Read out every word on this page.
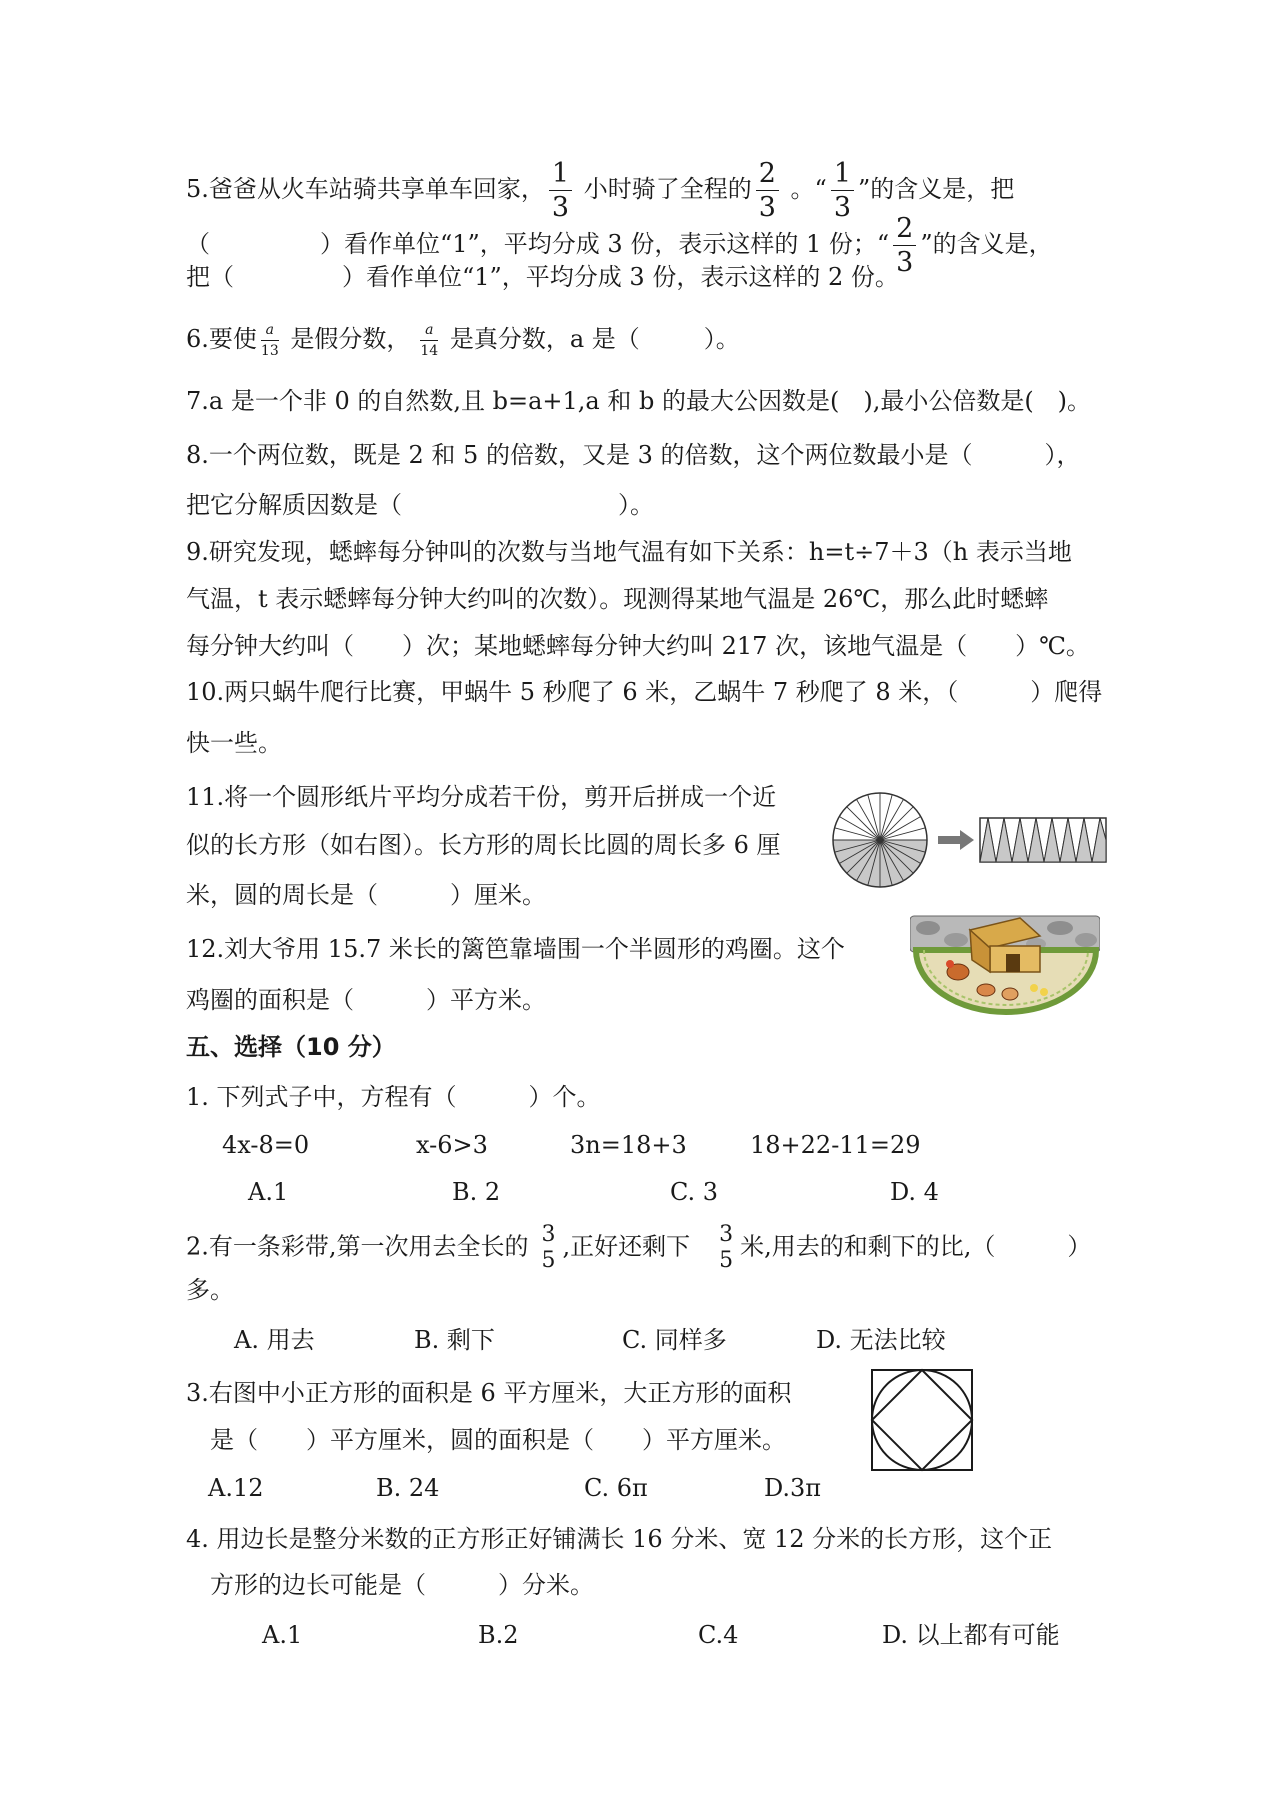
5.爸爸从火车站骑共享单车回家， $\frac{1}{3}$ 小时骑了全程的 $\frac{2}{3}$ 。“ $\frac{1}{3}$ ”的含义是，把
（	）看作单位“1”，平均分成 3 份，表示这样的 1 份；“ $\frac{2}{3}$ ”的含义是，
把（	）看作单位“1”，平均分成 3 份，表示这样的 2 份。
6.要使 $\frac{a}{13}$ 是假分数， $\frac{a}{14}$ 是真分数，a 是（	）。
7.a 是一个非 0 的自然数,且 b=a+1,a 和 b 的最大公因数是(　),最小公倍数是(　)。
8.一个两位数，既是 2 和 5 的倍数，又是 3 的倍数，这个两位数最小是（　　　），
把它分解质因数是（　　　　　　　　　）。
9.研究发现，蟋蟀每分钟叫的次数与当地气温有如下关系：h=t÷7＋3（h 表示当地
气温，t 表示蟋蟀每分钟大约叫的次数）。现测得某地气温是 26℃，那么此时蟋蟀
每分钟大约叫（　　）次；某地蟋蟀每分钟大约叫 217 次，该地气温是（　　）℃。
10.两只蜗牛爬行比赛，甲蜗牛 5 秒爬了 6 米，乙蜗牛 7 秒爬了 8 米，（　　　）爬得
快一些。
11.将一个圆形纸片平均分成若干份，剪开后拼成一个近
似的长方形（如右图）。长方形的周长比圆的周长多 6 厘
米，圆的周长是（　　　）厘米。
12.刘大爷用 15.7 米长的篱笆靠墙围一个半圆形的鸡圈。这个
鸡圈的面积是（　　　）平方米。
五、选择（10 分）
1. 下列式子中，方程有（　　　）个。
4x-8=0	x-6>3	3n=18+3	18+22-11=29
A.1	B. 2	C. 3	D. 4
2.有一条彩带,第一次用去全长的 3
5 ,正好还剩下 3
5 米,用去的和剩下的比,（　　　）
多。
A. 用去	B. 剩下	C. 同样多	D. 无法比较
3.右图中小正方形的面积是 6 平方厘米，大正方形的面积
是（　　）平方厘米，圆的面积是（　　）平方厘米。
A.12	B. 24	C. 6π	D.3π
4. 用边长是整分米数的正方形正好铺满长 16 分米、宽 12 分米的长方形，这个正
方形的边长可能是（　　　）分米。
A.1	B.2	C.4	D. 以上都有可能
